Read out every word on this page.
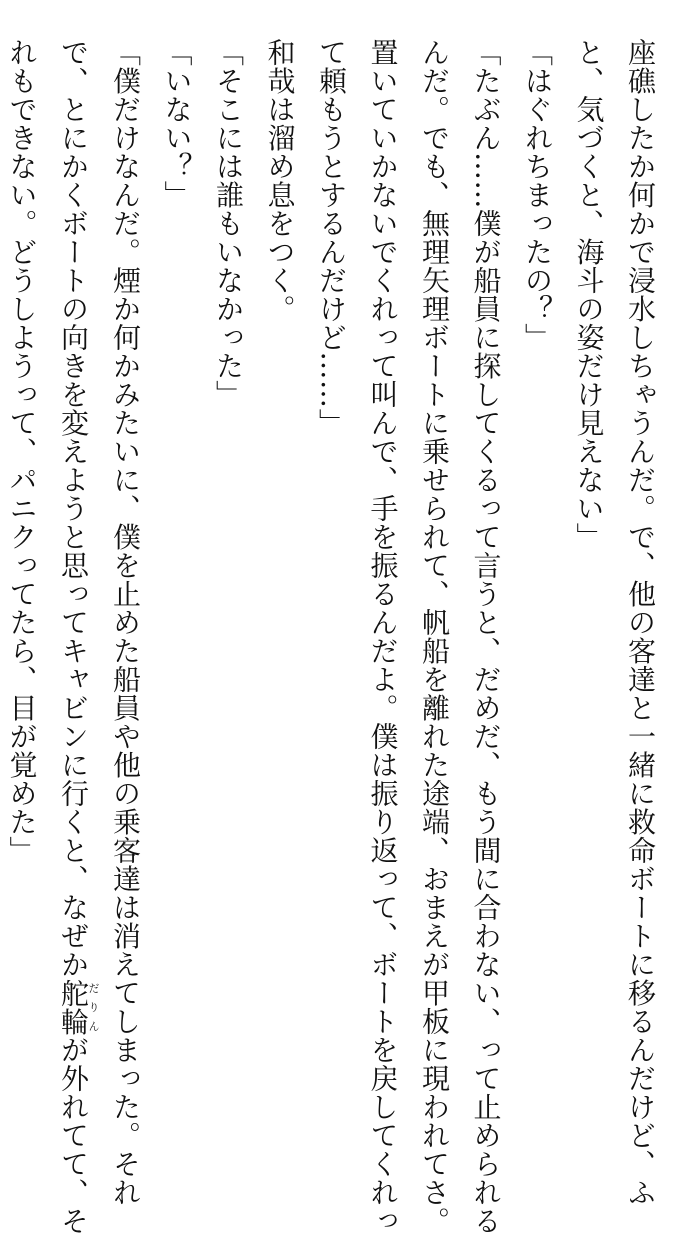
座礁したか何かで浸水しちゃうんだ。で、他の客達と一緒に救命ボートに移るんだけど、ふ
と、気づくと、海斗の姿だけ見えない」
「はぐれちまったの？」
「たぶん……僕が船員に探してくるって言うと、だめだ、もう間に合わない、って止められる
んだ。でも、無理矢理ボートに乗せられて、帆船を離れた途端、おまえが甲板に現われてさ。
置いていかないでくれって叫んで、手を振るんだよ。僕は振り返って、ボートを戻してくれっ
て頼もうとするんだけど……」
和哉は溜め息をつく。
「そこには誰もいなかった」
「いない？」
「僕だけなんだ。煙か何かみたいに、僕を止めた船員や他の乗客達は消えてしまった。それ
で、とにかくボートの向きを変えようと思ってキャビンに行くと、なぜか舵輪だりんが外れてて、そ
れもできない。どうしようって、パニクってたら、目が覚めた」
